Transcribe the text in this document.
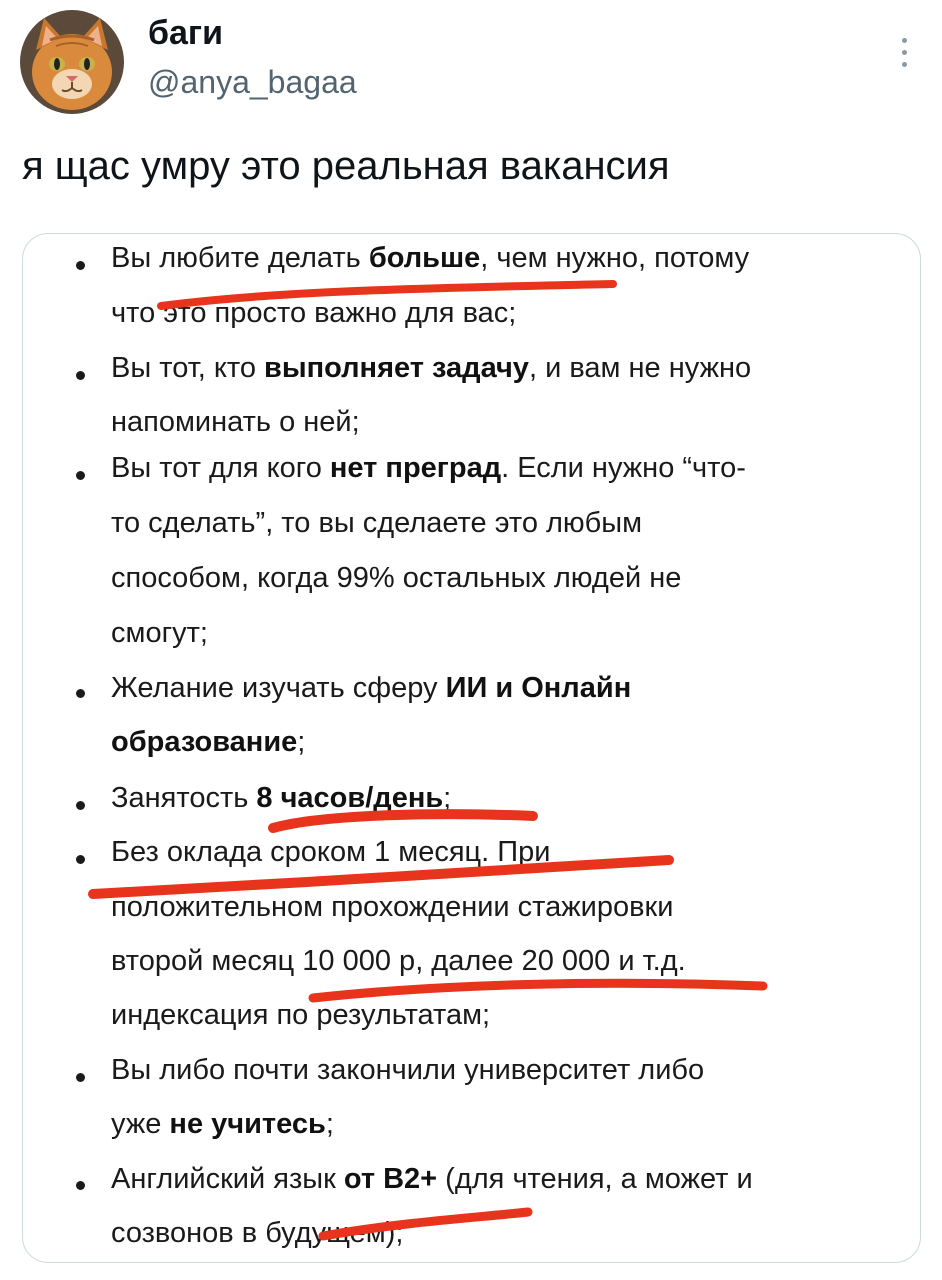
баги
@anya_bagaa
я щас умру это реальная вакансия
Вы любите делать больше, чем нужно, потому
что это просто важно для вас;
Вы тот, кто выполняет задачу, и вам не нужно
напоминать о ней;
Вы тот для кого нет преград. Если нужно “что-
то сделать”, то вы сделаете это любым
способом, когда 99% остальных людей не
смогут;
Желание изучать сферу ИИ и Онлайн
образование;
Занятость 8 часов/день;
Без оклада сроком 1 месяц. При
положительном прохождении стажировки
второй месяц 10 000 р, далее 20 000 и т.д.
индексация по результатам;
Вы либо почти закончили университет либо
уже не учитесь;
Английский язык от B2+ (для чтения, а может и
созвонов в будущем);
